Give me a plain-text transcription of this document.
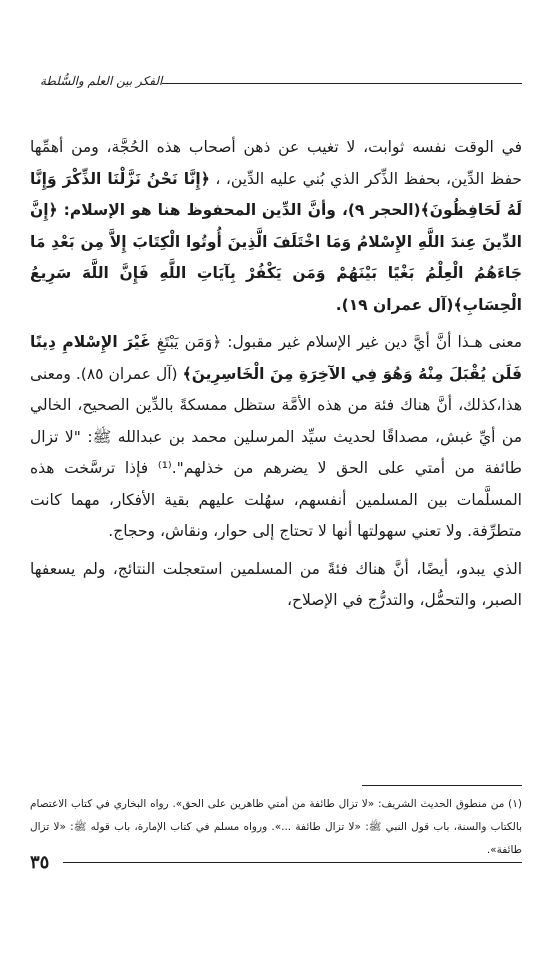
الفكر بين العلم والسُّلطة

في الوقت نفسه ثوابت، لا تغيب عن ذهن أصحاب هذه الحُجَّة، ومن أهمِّها حفظ الدِّين، بحفظ الذِّكر الذي بُني عليه الدِّين، ، ﴿إِنَّا نَحْنُ نَزَّلْنَا الذِّكْرَ وَإِنَّا لَهُ لَحَافِظُونَ﴾(الحجر ٩)، وأنَّ الدِّين المحفوظ هنا هو الإسلام: ﴿إِنَّ الدِّينَ عِندَ اللَّهِ الإِسْلامُ وَمَا اخْتَلَفَ الَّذِينَ أُوتُوا الْكِتَابَ إِلاَّ مِن بَعْدِ مَا جَاءَهُمُ الْعِلْمُ بَغْيًا بَيْنَهُمْ وَمَن يَكْفُرْ بِآيَاتِ اللَّهِ فَإِنَّ اللَّهَ سَرِيعُ الْحِسَابِ﴾(آل عمران ١٩).

معنى هـذا أنَّ أيَّ دين غير الإسلام غير مقبول: ﴿وَمَن يَبْتَغِ غَيْرَ الإِسْلامِ دِينًا فَلَن يُقْبَلَ مِنْهُ وَهُوَ فِي الآخِرَةِ مِنَ الْخَاسِرِينَ﴾ (آل عمران ٨٥). ومعنى هذا،كذلك، أنَّ هناك فئة من هذه الأمَّة ستظل ممسكةً بالدِّين الصحيح، الخالي من أيِّ غبش، مصداقًا لحديث سيِّد المرسلين محمد بن عبدالله ﷺ: "لا تزال طائفة من أمتي على الحق لا يضرهم من خذلهم".⁽¹⁾ فإذا ترسَّخت هذه المسلَّمات بين المسلمين أنفسهم، سهُلت عليهم بقية الأفكار، مهما كانت متطرِّفة. ولا تعني سهولتها أنها لا تحتاج إلى حوار، ونقاش، وحجاج.

الذي يبدو، أيضًا، أنَّ هناك فئةً من المسلمين استعجلت النتائج، ولم يسعفها الصبر، والتحمُّل، والتدرُّج في الإصلاح،

(١) من منطوق الحديث الشريف: «لا تزال طائفة من أمتي ظاهرين على الحق». رواه البخاري في كتاب الاعتصام بالكتاب والسنة، باب قول النبي ﷺ: «لا تزال طائفة ...». ورواه مسلم في كتاب الإمارة، باب قوله ﷺ: «لا تزال طائفة».

٣٥
